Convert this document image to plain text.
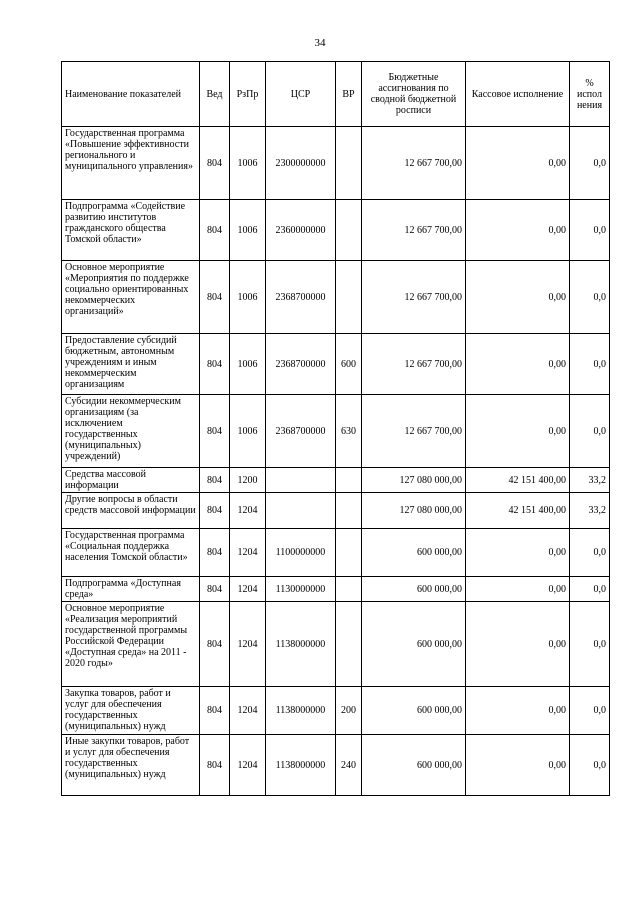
34
Наименование показателей	Вед	РзПр	ЦСР	ВР	Бюджетные ассигнования по сводной бюджетной росписи	Кассовое исполнение	% испол нения
Государственная программа «Повышение эффективности регионального и муниципального управления»	804	1006	2300000000		12 667 700,00	0,00	0,0
Подпрограмма «Содействие развитию институтов гражданского общества Томской области»	804	1006	2360000000		12 667 700,00	0,00	0,0
Основное мероприятие «Мероприятия по поддержке социально ориентированных некоммерческих организаций»	804	1006	2368700000		12 667 700,00	0,00	0,0
Предоставление субсидий бюджетным, автономным учреждениям и иным некоммерческим организациям	804	1006	2368700000	600	12 667 700,00	0,00	0,0
Субсидии некоммерческим организациям (за исключением государственных (муниципальных) учреждений)	804	1006	2368700000	630	12 667 700,00	0,00	0,0
Средства массовой информации	804	1200			127 080 000,00	42 151 400,00	33,2
Другие вопросы в области средств массовой информации	804	1204			127 080 000,00	42 151 400,00	33,2
Государственная программа «Социальная поддержка населения Томской области»	804	1204	1100000000		600 000,00	0,00	0,0
Подпрограмма «Доступная среда»	804	1204	1130000000		600 000,00	0,00	0,0
Основное мероприятие «Реализация мероприятий государственной программы Российской Федерации «Доступная среда» на 2011 - 2020 годы»	804	1204	1138000000		600 000,00	0,00	0,0
Закупка товаров, работ и услуг для обеспечения государственных (муниципальных) нужд	804	1204	1138000000	200	600 000,00	0,00	0,0
Иные закупки товаров, работ и услуг для обеспечения государственных (муниципальных) нужд	804	1204	1138000000	240	600 000,00	0,00	0,0
